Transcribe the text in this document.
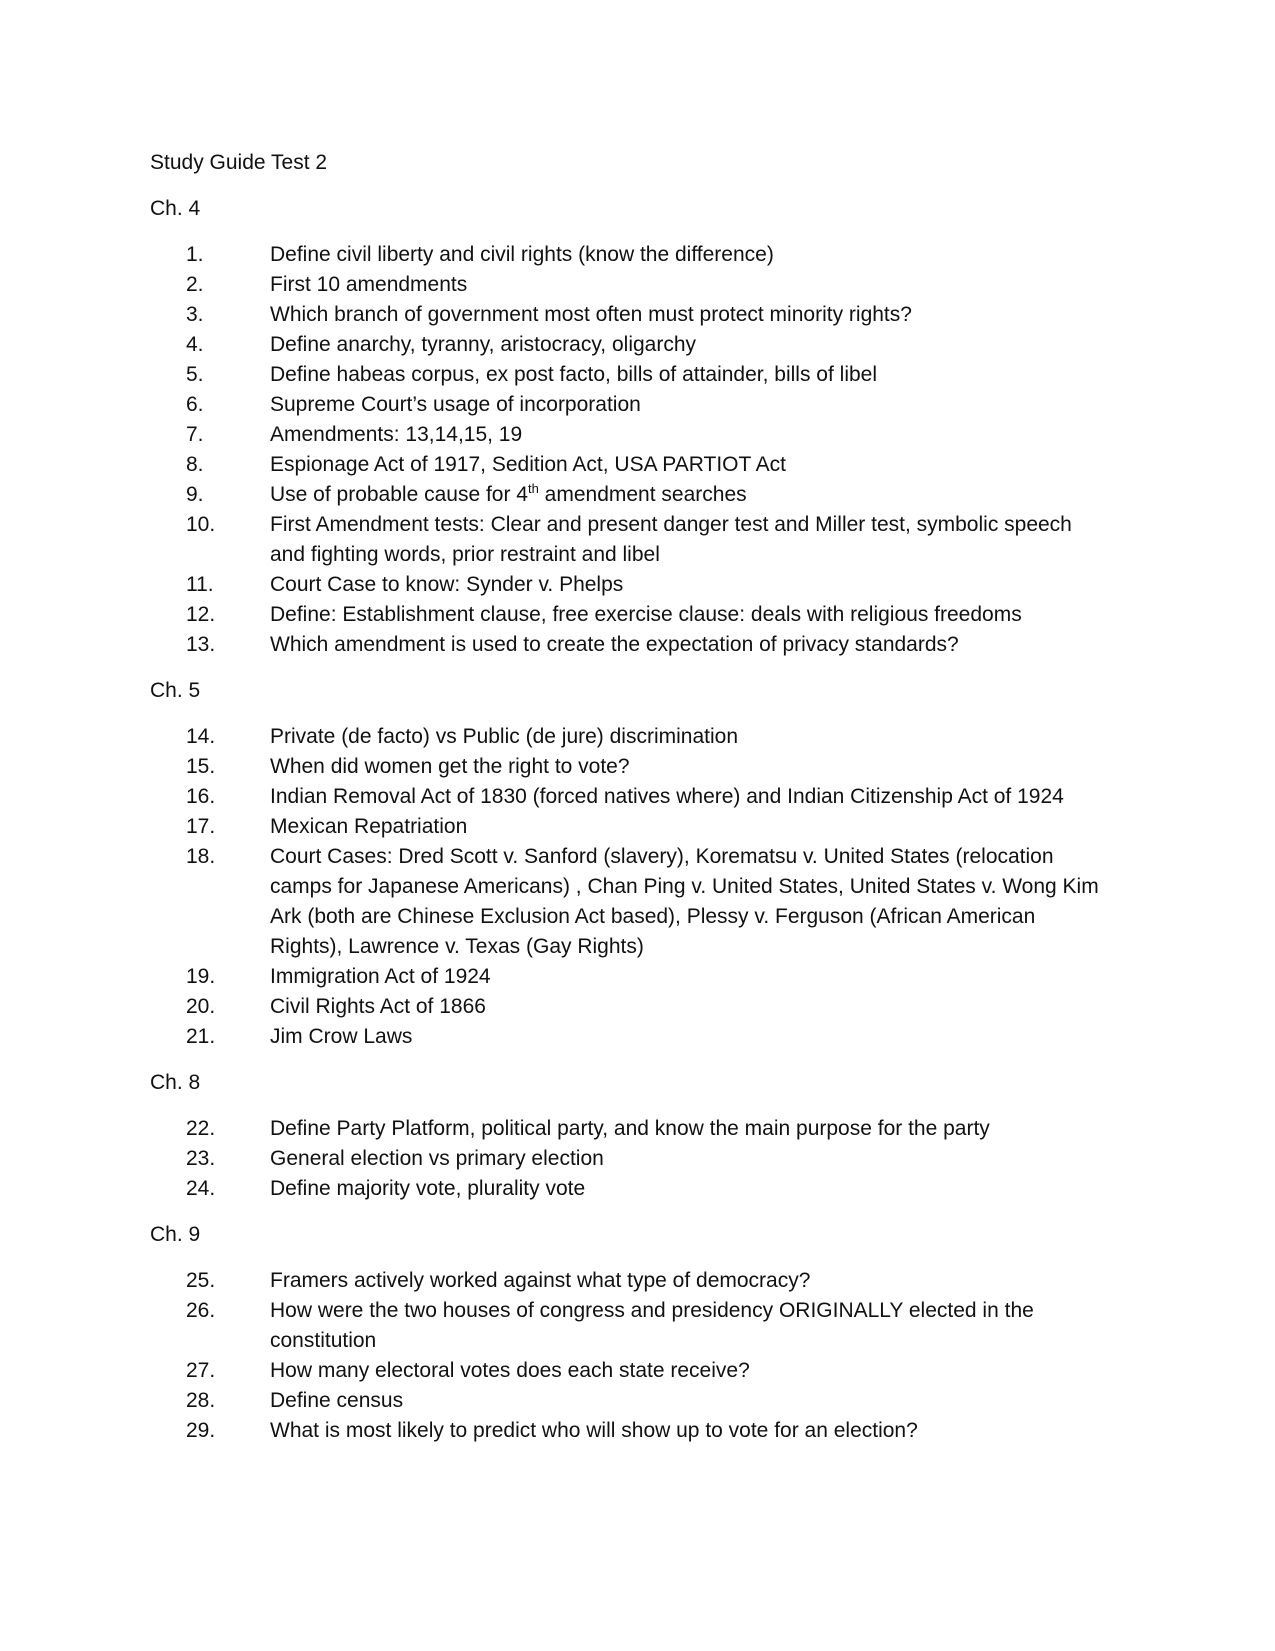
Study Guide Test 2
Ch. 4
1.	Define civil liberty and civil rights (know the difference)
2.	First 10 amendments
3.	Which branch of government most often must protect minority rights?
4.	Define anarchy, tyranny, aristocracy, oligarchy
5.	Define habeas corpus, ex post facto, bills of attainder, bills of libel
6.	Supreme Court’s usage of incorporation
7.	Amendments: 13,14,15, 19
8.	Espionage Act of 1917, Sedition Act, USA PARTIOT Act
9.	Use of probable cause for 4th amendment searches
10.	First Amendment tests: Clear and present danger test and Miller test, symbolic speech and fighting words, prior restraint and libel
11.	Court Case to know: Synder v. Phelps
12.	Define: Establishment clause, free exercise clause: deals with religious freedoms
13.	Which amendment is used to create the expectation of privacy standards?
Ch. 5
14.	Private (de facto) vs Public (de jure) discrimination
15.	When did women get the right to vote?
16.	Indian Removal Act of 1830 (forced natives where) and Indian Citizenship Act of 1924
17.	Mexican Repatriation
18.	Court Cases: Dred Scott v. Sanford (slavery), Korematsu v. United States (relocation camps for Japanese Americans) , Chan Ping v. United States, United States v. Wong Kim Ark (both are Chinese Exclusion Act based), Plessy v. Ferguson (African American Rights), Lawrence v. Texas (Gay Rights)
19.	Immigration Act of 1924
20.	Civil Rights Act of 1866
21.	Jim Crow Laws
Ch. 8
22.	Define Party Platform, political party, and know the main purpose for the party
23.	General election vs primary election
24.	Define majority vote, plurality vote
Ch. 9
25.	Framers actively worked against what type of democracy?
26.	How were the two houses of congress and presidency ORIGINALLY elected in the constitution
27.	How many electoral votes does each state receive?
28.	Define census
29.	What is most likely to predict who will show up to vote for an election?
